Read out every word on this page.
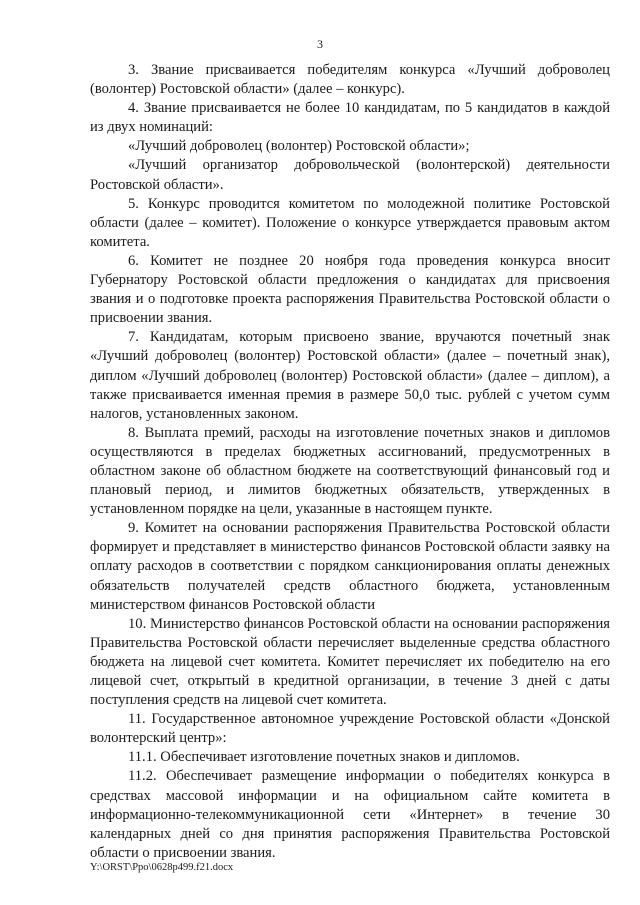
3

3. Звание присваивается победителям конкурса «Лучший доброволец (волонтер) Ростовской области» (далее – конкурс).

4. Звание присваивается не более 10 кандидатам, по 5 кандидатов в каждой из двух номинаций:

«Лучший доброволец (волонтер) Ростовской области»;

«Лучший организатор добровольческой (волонтерской) деятельности Ростовской области».

5. Конкурс проводится комитетом по молодежной политике Ростовской области (далее – комитет). Положение о конкурсе утверждается правовым актом комитета.

6. Комитет не позднее 20 ноября года проведения конкурса вносит Губернатору Ростовской области предложения о кандидатах для присвоения звания и о подготовке проекта распоряжения Правительства Ростовской области о присвоении звания.

7. Кандидатам, которым присвоено звание, вручаются почетный знак «Лучший доброволец (волонтер) Ростовской области» (далее – почетный знак), диплом «Лучший доброволец (волонтер) Ростовской области» (далее – диплом), а также присваивается именная премия в размере 50,0 тыс. рублей с учетом сумм налогов, установленных законом.

8. Выплата премий, расходы на изготовление почетных знаков и дипломов осуществляются в пределах бюджетных ассигнований, предусмотренных в областном законе об областном бюджете на соответствующий финансовый год и плановый период, и лимитов бюджетных обязательств, утвержденных в установленном порядке на цели, указанные в настоящем пункте.

9. Комитет на основании распоряжения Правительства Ростовской области формирует и представляет в министерство финансов Ростовской области заявку на оплату расходов в соответствии с порядком санкционирования оплаты денежных обязательств получателей средств областного бюджета, установленным министерством финансов Ростовской области

10. Министерство финансов Ростовской области на основании распоряжения Правительства Ростовской области перечисляет выделенные средства областного бюджета на лицевой счет комитета. Комитет перечисляет их победителю на его лицевой счет, открытый в кредитной организации, в течение 3 дней с даты поступления средств на лицевой счет комитета.

11. Государственное автономное учреждение Ростовской области «Донской волонтерский центр»:

11.1. Обеспечивает изготовление почетных знаков и дипломов.

11.2. Обеспечивает размещение информации о победителях конкурса в средствах массовой информации и на официальном сайте комитета в информационно-телекоммуникационной сети «Интернет» в течение 30 календарных дней со дня принятия распоряжения Правительства Ростовской области о присвоении звания.

Y:\ORST\Ppo\0628p499.f21.docx
